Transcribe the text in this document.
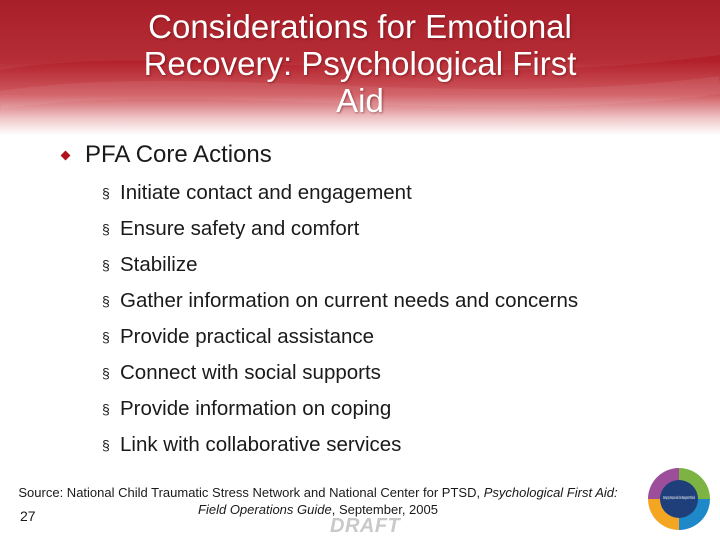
Considerations for Emotional
Recovery: Psychological First
Aid
PFA Core Actions
§ Initiate contact and engagement
§ Ensure safety and comfort
§ Stabilize
§ Gather information on current needs and concerns
§ Provide practical assistance
§ Connect with social supports
§ Provide information on coping
§ Link with collaborative services
Source: National Child Traumatic Stress Network and National Center for PTSD, Psychological First Aid: Field Operations Guide, September, 2005
27	DRAFT
Emergency Response and Crisis Management Technical
